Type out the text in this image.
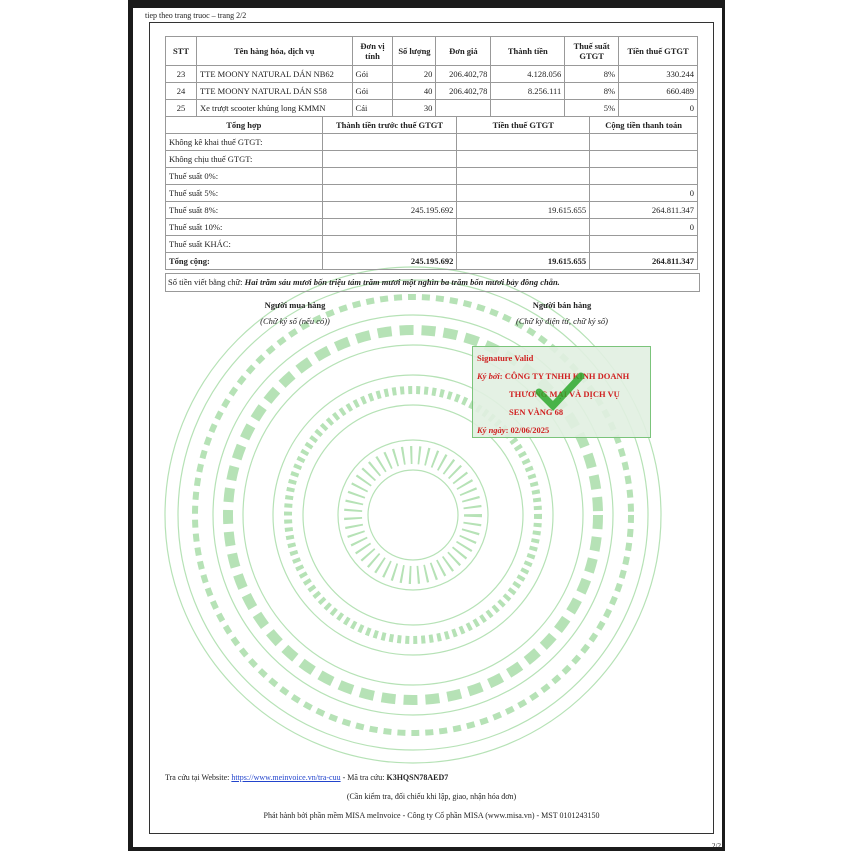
tiep theo trang truoc – trang 2/2
STT	Tên hàng hóa, dịch vụ	Đơn vị tính	Số lượng	Đơn giá	Thành tiền	Thuế suất GTGT	Tiền thuế GTGT
23	TTE MOONY NATURAL DÁN NB62	Gói	20	206.402,78	4.128.056	8%	330.244
24	TTE MOONY NATURAL DÁN S58	Gói	40	206.402,78	8.256.111	8%	660.489
25	Xe trượt scooter khủng long KMMN	Cái	30			5%	0
Tổng hợp	Thành tiền trước thuế GTGT	Tiền thuế GTGT	Cộng tiền thanh toán
Không kê khai thuế GTGT:			
Không chịu thuế GTGT:			
Thuế suất 0%:			
Thuế suất 5%:			0
Thuế suất 8%:	245.195.692	19.615.655	264.811.347
Thuế suất 10%:			0
Thuế suất KHÁC:			
Tổng cộng:	245.195.692	19.615.655	264.811.347
Số tiền viết bằng chữ: Hai trăm sáu mươi bốn triệu tám trăm mươi một nghìn ba trăm bốn mươi bảy đồng chẵn.
Người mua hàng
(Chữ ký số (nếu có))
Người bán hàng
(Chữ ký điện tử, chữ ký số)
Signature Valid
Ký bởi: CÔNG TY TNHH KINH DOANH
THƯƠNG MẠI VÀ DỊCH VỤ
SEN VÀNG 68
Ký ngày: 02/06/2025
Tra cứu tại Website: https://www.meinvoice.vn/tra-cuu - Mã tra cứu: K3HQSN78AED7
(Cần kiểm tra, đối chiếu khi lập, giao, nhận hóa đơn)
Phát hành bởi phần mềm MISA meInvoice - Công ty Cổ phần MISA (www.misa.vn) - MST 0101243150
2/2
